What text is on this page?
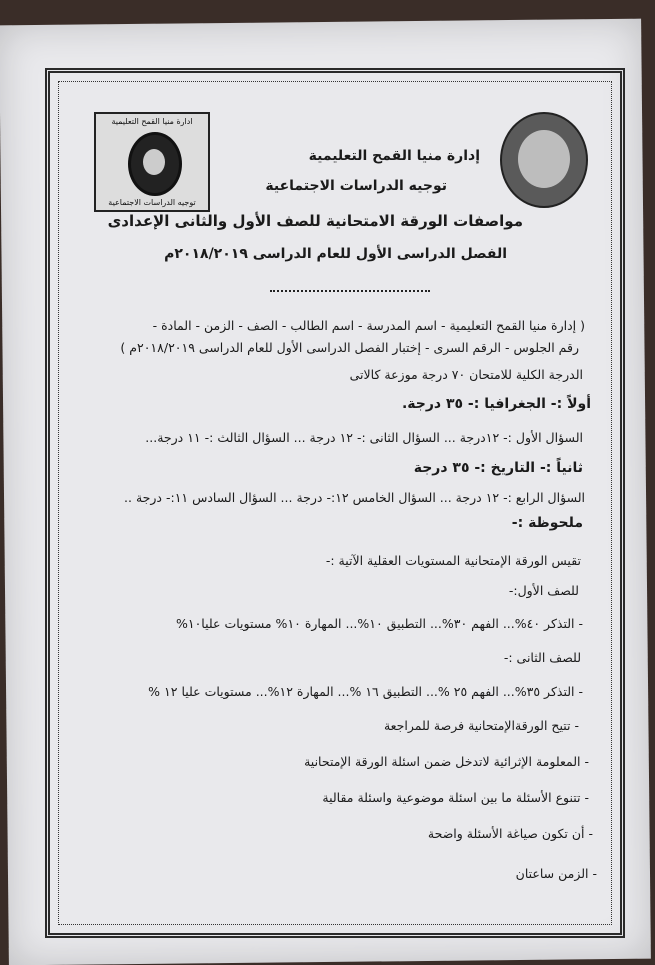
ادارة منيا القمح التعليمية
توجيه الدراسات الاجتماعية
إدارة منيا القمح التعليمية
توجيه الدراسات الاجتماعية
مواصفات الورقة الامتحانية للصف الأول والثانى الإعدادى
الفصل الدراسى الأول للعام الدراسى ٢٠١٨/٢٠١٩م
( إدارة منيا القمح التعليمية - اسم المدرسة - اسم الطالب - الصف - الزمن - المادة -
رقم الجلوس - الرقم السرى - إختبار الفصل الدراسى الأول للعام الدراسى ٢٠١٨/٢٠١٩م )
الدرجة الكلية للامتحان ٧٠ درجة موزعة كالاتى
أولاً :- الجغرافيا :- ٣٥ درجة.
السؤال الأول :- ١٢درجة ... السؤال الثانى :- ١٢ درجة ... السؤال الثالث :- ١١ درجة...
ثانياً :- التاريخ :- ٣٥ درجة
السؤال الرابع :- ١٢ درجة ... السؤال الخامس ١٢:- درجة ... السؤال السادس ١١:- درجة ..
ملحوظة :-
تقيس الورقة الإمتحانية المستويات العقلية الآتية :-
للصف الأول:-
- التذكر ٤٠%... الفهم ٣٠%... التطبيق ١٠%... المهارة ١٠% مستويات عليا١٠%
للصف الثانى :-
- التذكر ٣٥%... الفهم ٢٥ %... التطبيق ١٦ %... المهارة ١٢%... مستويات عليا ١٢ %
- تتيح الورقةالإمتحانية فرصة للمراجعة
- المعلومة الإثرائية لاتدخل ضمن اسئلة الورقة الإمتحانية
- تتنوع الأسئلة ما بين اسئلة موضوعية واسئلة مقالية
- أن تكون صياغة الأسئلة واضحة
- الزمن ساعتان
